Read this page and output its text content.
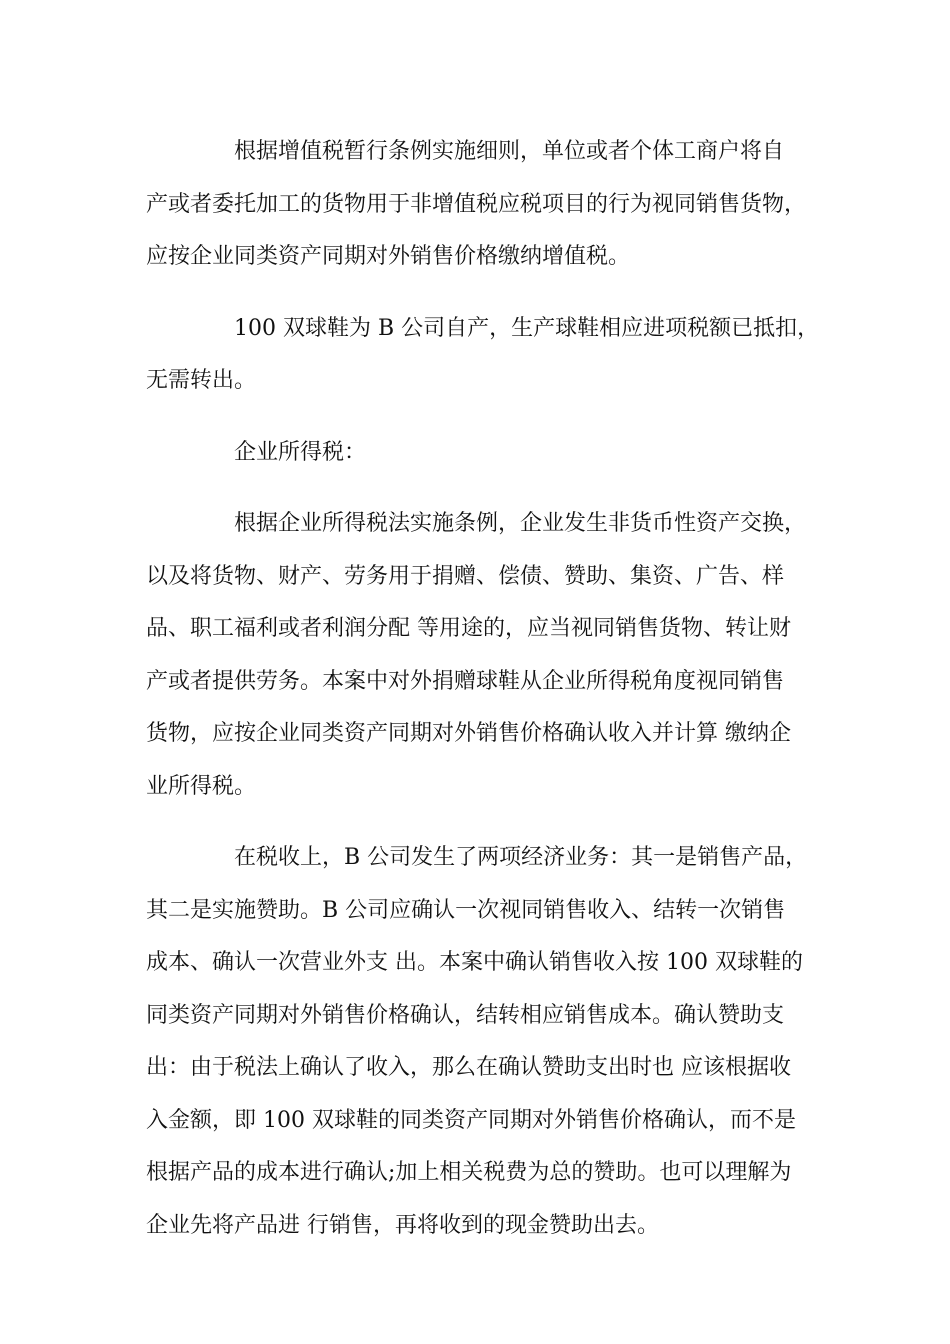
根据增值税暂行条例实施细则，单位或者个体工商户将自
产或者委托加工的货物用于非增值税应税项目的行为视同销售货物，
应按企业同类资产同期对外销售价格缴纳增值税。

100 双球鞋为 B 公司自产，生产球鞋相应进项税额已抵扣，
无需转出。

企业所得税：

根据企业所得税法实施条例，企业发生非货币性资产交换，
以及将货物、财产、劳务用于捐赠、偿债、赞助、集资、广告、样
品、职工福利或者利润分配 等用途的，应当视同销售货物、转让财
产或者提供劳务。本案中对外捐赠球鞋从企业所得税角度视同销售
货物，应按企业同类资产同期对外销售价格确认收入并计算 缴纳企
业所得税。

在税收上，B 公司发生了两项经济业务：其一是销售产品，
其二是实施赞助。B 公司应确认一次视同销售收入、结转一次销售
成本、确认一次营业外支 出。本案中确认销售收入按 100 双球鞋的
同类资产同期对外销售价格确认，结转相应销售成本。确认赞助支
出：由于税法上确认了收入，那么在确认赞助支出时也 应该根据收
入金额，即 100 双球鞋的同类资产同期对外销售价格确认，而不是
根据产品的成本进行确认;加上相关税费为总的赞助。也可以理解为
企业先将产品进 行销售，再将收到的现金赞助出去。
